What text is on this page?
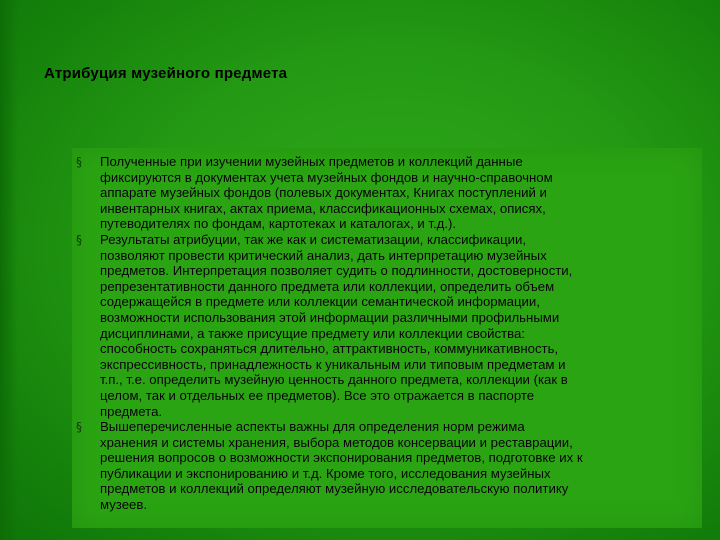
Атрибуция музейного предмета
§ Полученные при изучении музейных предметов и коллекций данные
фиксируются в документах учета музейных фондов и научно-справочном
аппарате музейных фондов (полевых документах, Книгах поступлений и
инвентарных книгах, актах приема, классификационных схемах, описях,
путеводителях по фондам, картотеках и каталогах, и т.д.).
§ Результаты атрибуции, так же как и систематизации, классификации,
позволяют провести критический анализ, дать интерпретацию музейных
предметов. Интерпретация позволяет судить о подлинности, достоверности,
репрезентативности данного предмета или коллекции, определить объем
содержащейся в предмете или коллекции семантической информации,
возможности использования этой информации различными профильными
дисциплинами, а также присущие предмету или коллекции свойства:
способность сохраняться длительно, аттрактивность, коммуникативность,
экспрессивность, принадлежность к уникальным или типовым предметам и
т.п., т.е. определить музейную ценность данного предмета, коллекции (как в
целом, так и отдельных ее предметов). Все это отражается в паспорте
предмета.
§ Вышеперечисленные аспекты важны для определения норм режима
хранения и системы хранения, выбора методов консервации и реставрации,
решения вопросов о возможности экспонирования предметов, подготовке их к
публикации и экспонированию и т.д. Кроме того, исследования музейных
предметов и коллекций определяют музейную исследовательскую политику
музеев.
